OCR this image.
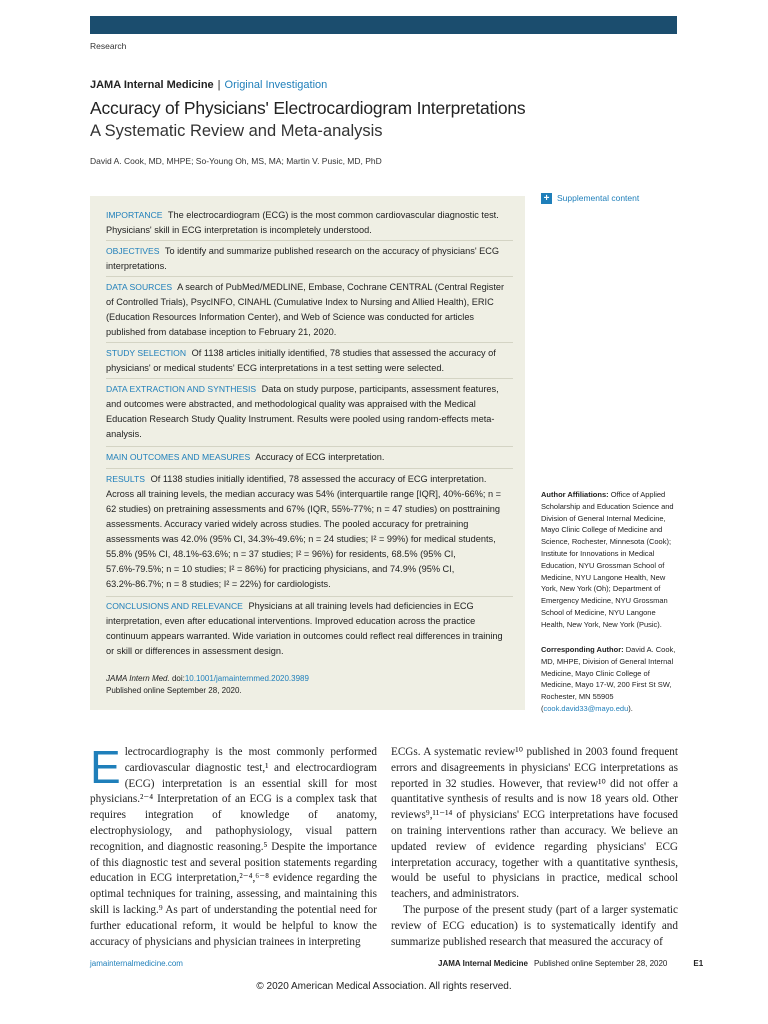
Research
JAMA Internal Medicine | Original Investigation
Accuracy of Physicians' Electrocardiogram Interpretations
A Systematic Review and Meta-analysis
David A. Cook, MD, MHPE; So-Young Oh, MS, MA; Martin V. Pusic, MD, PhD
IMPORTANCE The electrocardiogram (ECG) is the most common cardiovascular diagnostic test. Physicians' skill in ECG interpretation is incompletely understood.
OBJECTIVES To identify and summarize published research on the accuracy of physicians' ECG interpretations.
DATA SOURCES A search of PubMed/MEDLINE, Embase, Cochrane CENTRAL (Central Register of Controlled Trials), PsycINFO, CINAHL (Cumulative Index to Nursing and Allied Health), ERIC (Education Resources Information Center), and Web of Science was conducted for articles published from database inception to February 21, 2020.
STUDY SELECTION Of 1138 articles initially identified, 78 studies that assessed the accuracy of physicians' or medical students' ECG interpretations in a test setting were selected.
DATA EXTRACTION AND SYNTHESIS Data on study purpose, participants, assessment features, and outcomes were abstracted, and methodological quality was appraised with the Medical Education Research Study Quality Instrument. Results were pooled using random-effects meta-analysis.
MAIN OUTCOMES AND MEASURES Accuracy of ECG interpretation.
RESULTS Of 1138 studies initially identified, 78 assessed the accuracy of ECG interpretation. Across all training levels, the median accuracy was 54% (interquartile range [IQR], 40%-66%; n = 62 studies) on pretraining assessments and 67% (IQR, 55%-77%; n = 47 studies) on posttraining assessments. Accuracy varied widely across studies. The pooled accuracy for pretraining assessments was 42.0% (95% CI, 34.3%-49.6%; n = 24 studies; I² = 99%) for medical students, 55.8% (95% CI, 48.1%-63.6%; n = 37 studies; I² = 96%) for residents, 68.5% (95% CI, 57.6%-79.5%; n = 10 studies; I² = 86%) for practicing physicians, and 74.9% (95% CI, 63.2%-86.7%; n = 8 studies; I² = 22%) for cardiologists.
CONCLUSIONS AND RELEVANCE Physicians at all training levels had deficiencies in ECG interpretation, even after educational interventions. Improved education across the practice continuum appears warranted. Wide variation in outcomes could reflect real differences in training or skill or differences in assessment design.
JAMA Intern Med. doi:10.1001/jamainternmed.2020.3989
Published online September 28, 2020.
+ Supplemental content
Author Affiliations: Office of Applied Scholarship and Education Science and Division of General Internal Medicine, Mayo Clinic College of Medicine and Science, Rochester, Minnesota (Cook); Institute for Innovations in Medical Education, NYU Grossman School of Medicine, NYU Langone Health, New York, New York (Oh); Department of Emergency Medicine, NYU Grossman School of Medicine, NYU Langone Health, New York, New York (Pusic).
Corresponding Author: David A. Cook, MD, MHPE, Division of General Internal Medicine, Mayo Clinic College of Medicine, Mayo 17-W, 200 First St SW, Rochester, MN 55905 (cook.david33@mayo.edu).
Electrocardiography is the most commonly performed cardiovascular diagnostic test,¹ and electrocardiogram (ECG) interpretation is an essential skill for most physicians.²⁻⁴ Interpretation of an ECG is a complex task that requires integration of knowledge of anatomy, electrophysiology, and pathophysiology, visual pattern recognition, and diagnostic reasoning.⁵ Despite the importance of this diagnostic test and several position statements regarding education in ECG interpretation,²⁻⁴,⁶⁻⁸ evidence regarding the optimal techniques for training, assessing, and maintaining this skill is lacking.⁹ As part of understanding the potential need for further educational reform, it would be helpful to know the accuracy of physicians and physician trainees in interpreting

ECGs. A systematic review¹⁰ published in 2003 found frequent errors and disagreements in physicians' ECG interpretations as reported in 32 studies. However, that review¹⁰ did not offer a quantitative synthesis of results and is now 18 years old. Other reviews⁹,¹¹⁻¹⁴ of physicians' ECG interpretations have focused on training interventions rather than accuracy. We believe an updated review of evidence regarding physicians' ECG interpretation accuracy, together with a quantitative synthesis, would be useful to physicians in practice, medical school teachers, and administrators.

The purpose of the present study (part of a larger systematic review of ECG education) is to systematically identify and summarize published research that measured the accuracy of

jamainternalmedicine.com	JAMA Internal Medicine Published online September 28, 2020	E1
© 2020 American Medical Association. All rights reserved.
